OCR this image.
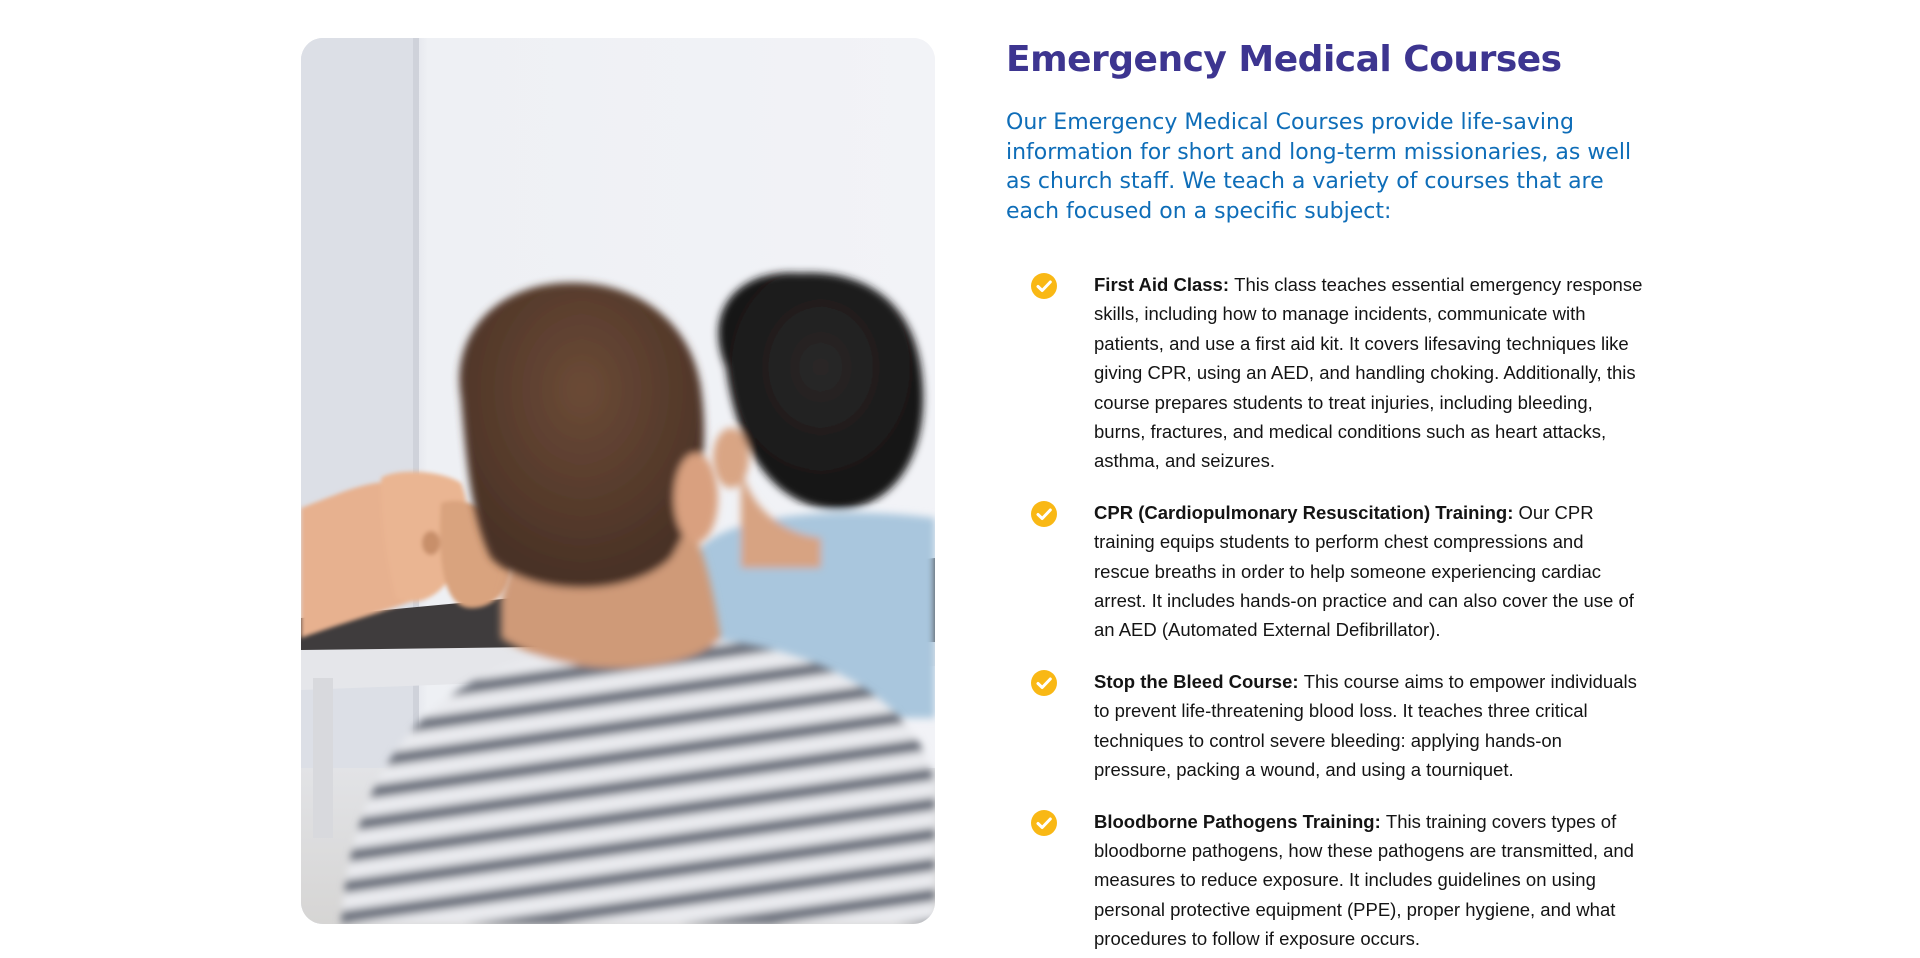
Emergency Medical Courses

Our Emergency Medical Courses provide life-saving information for short and long-term missionaries, as well as church staff. We teach a variety of courses that are each focused on a specific subject:

First Aid Class: This class teaches essential emergency response skills, including how to manage incidents, communicate with patients, and use a first aid kit. It covers lifesaving techniques like giving CPR, using an AED, and handling choking. Additionally, this course prepares students to treat injuries, including bleeding, burns, fractures, and medical conditions such as heart attacks, asthma, and seizures.
CPR (Cardiopulmonary Resuscitation) Training: Our CPR training equips students to perform chest compressions and rescue breaths in order to help someone experiencing cardiac arrest. It includes hands-on practice and can also cover the use of an AED (Automated External Defibrillator).
Stop the Bleed Course: This course aims to empower individuals to prevent life-threatening blood loss. It teaches three critical techniques to control severe bleeding: applying hands-on pressure, packing a wound, and using a tourniquet.
Bloodborne Pathogens Training: This training covers types of bloodborne pathogens, how these pathogens are transmitted, and measures to reduce exposure. It includes guidelines on using personal protective equipment (PPE), proper hygiene, and what procedures to follow if exposure occurs.
